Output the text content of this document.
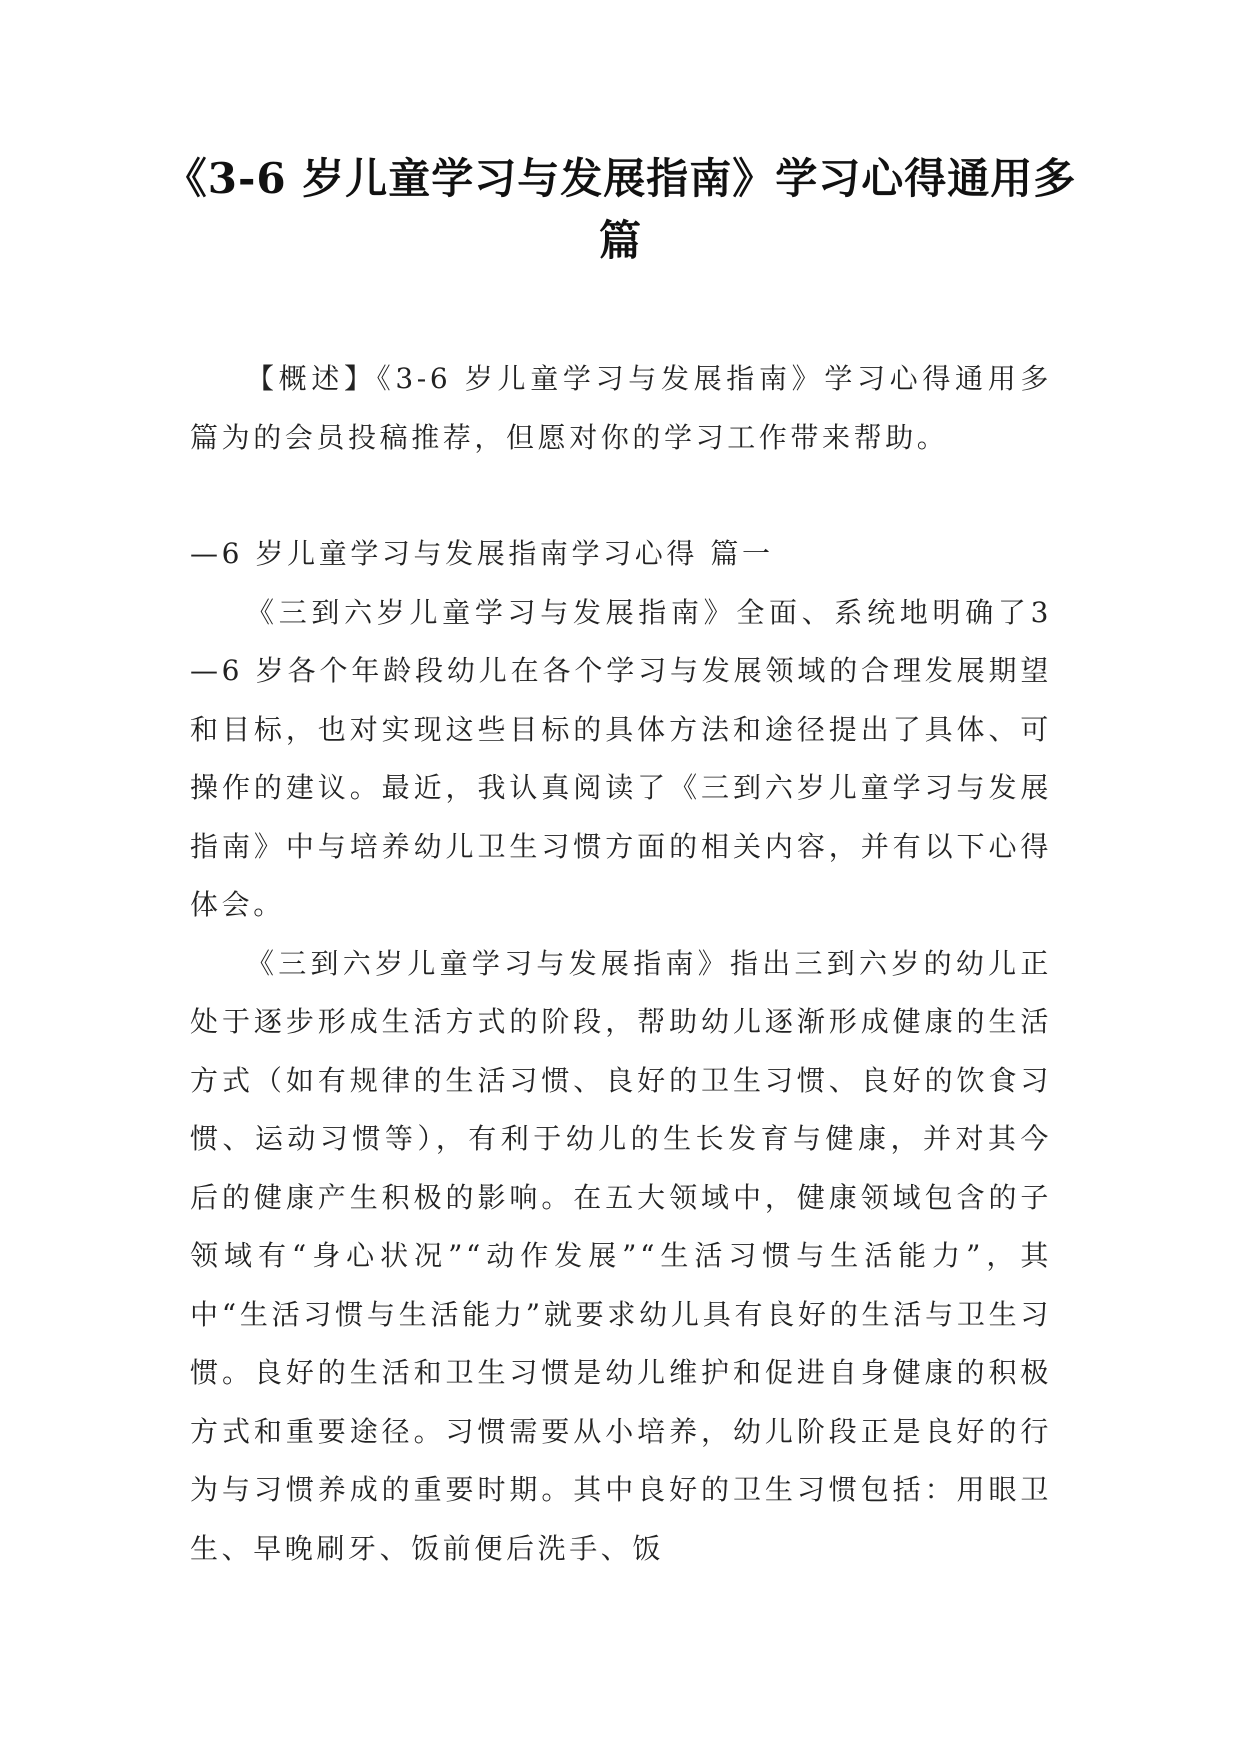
《3-6 岁儿童学习与发展指南》学习心得通用多篇

【概述】《3-6 岁儿童学习与发展指南》学习心得通用多篇为的会员投稿推荐，但愿对你的学习工作带来帮助。

—6 岁儿童学习与发展指南学习心得 篇一

《三到六岁儿童学习与发展指南》全面、系统地明确了3—6 岁各个年龄段幼儿在各个学习与发展领域的合理发展期望和目标，也对实现这些目标的具体方法和途径提出了具体、可操作的建议。最近，我认真阅读了《三到六岁儿童学习与发展指南》中与培养幼儿卫生习惯方面的相关内容，并有以下心得体会。

《三到六岁儿童学习与发展指南》指出三到六岁的幼儿正处于逐步形成生活方式的阶段，帮助幼儿逐渐形成健康的生活方式（如有规律的生活习惯、良好的卫生习惯、良好的饮食习惯、运动习惯等），有利于幼儿的生长发育与健康，并对其今后的健康产生积极的影响。在五大领域中，健康领域包含的子领域有“身心状况”“动作发展”“生活习惯与生活能力”，其中“生活习惯与生活能力”就要求幼儿具有良好的生活与卫生习惯。良好的生活和卫生习惯是幼儿维护和促进自身健康的积极方式和重要途径。习惯需要从小培养，幼儿阶段正是良好的行为与习惯养成的重要时期。其中良好的卫生习惯包括：用眼卫生、早晚刷牙、饭前便后洗手、饭
